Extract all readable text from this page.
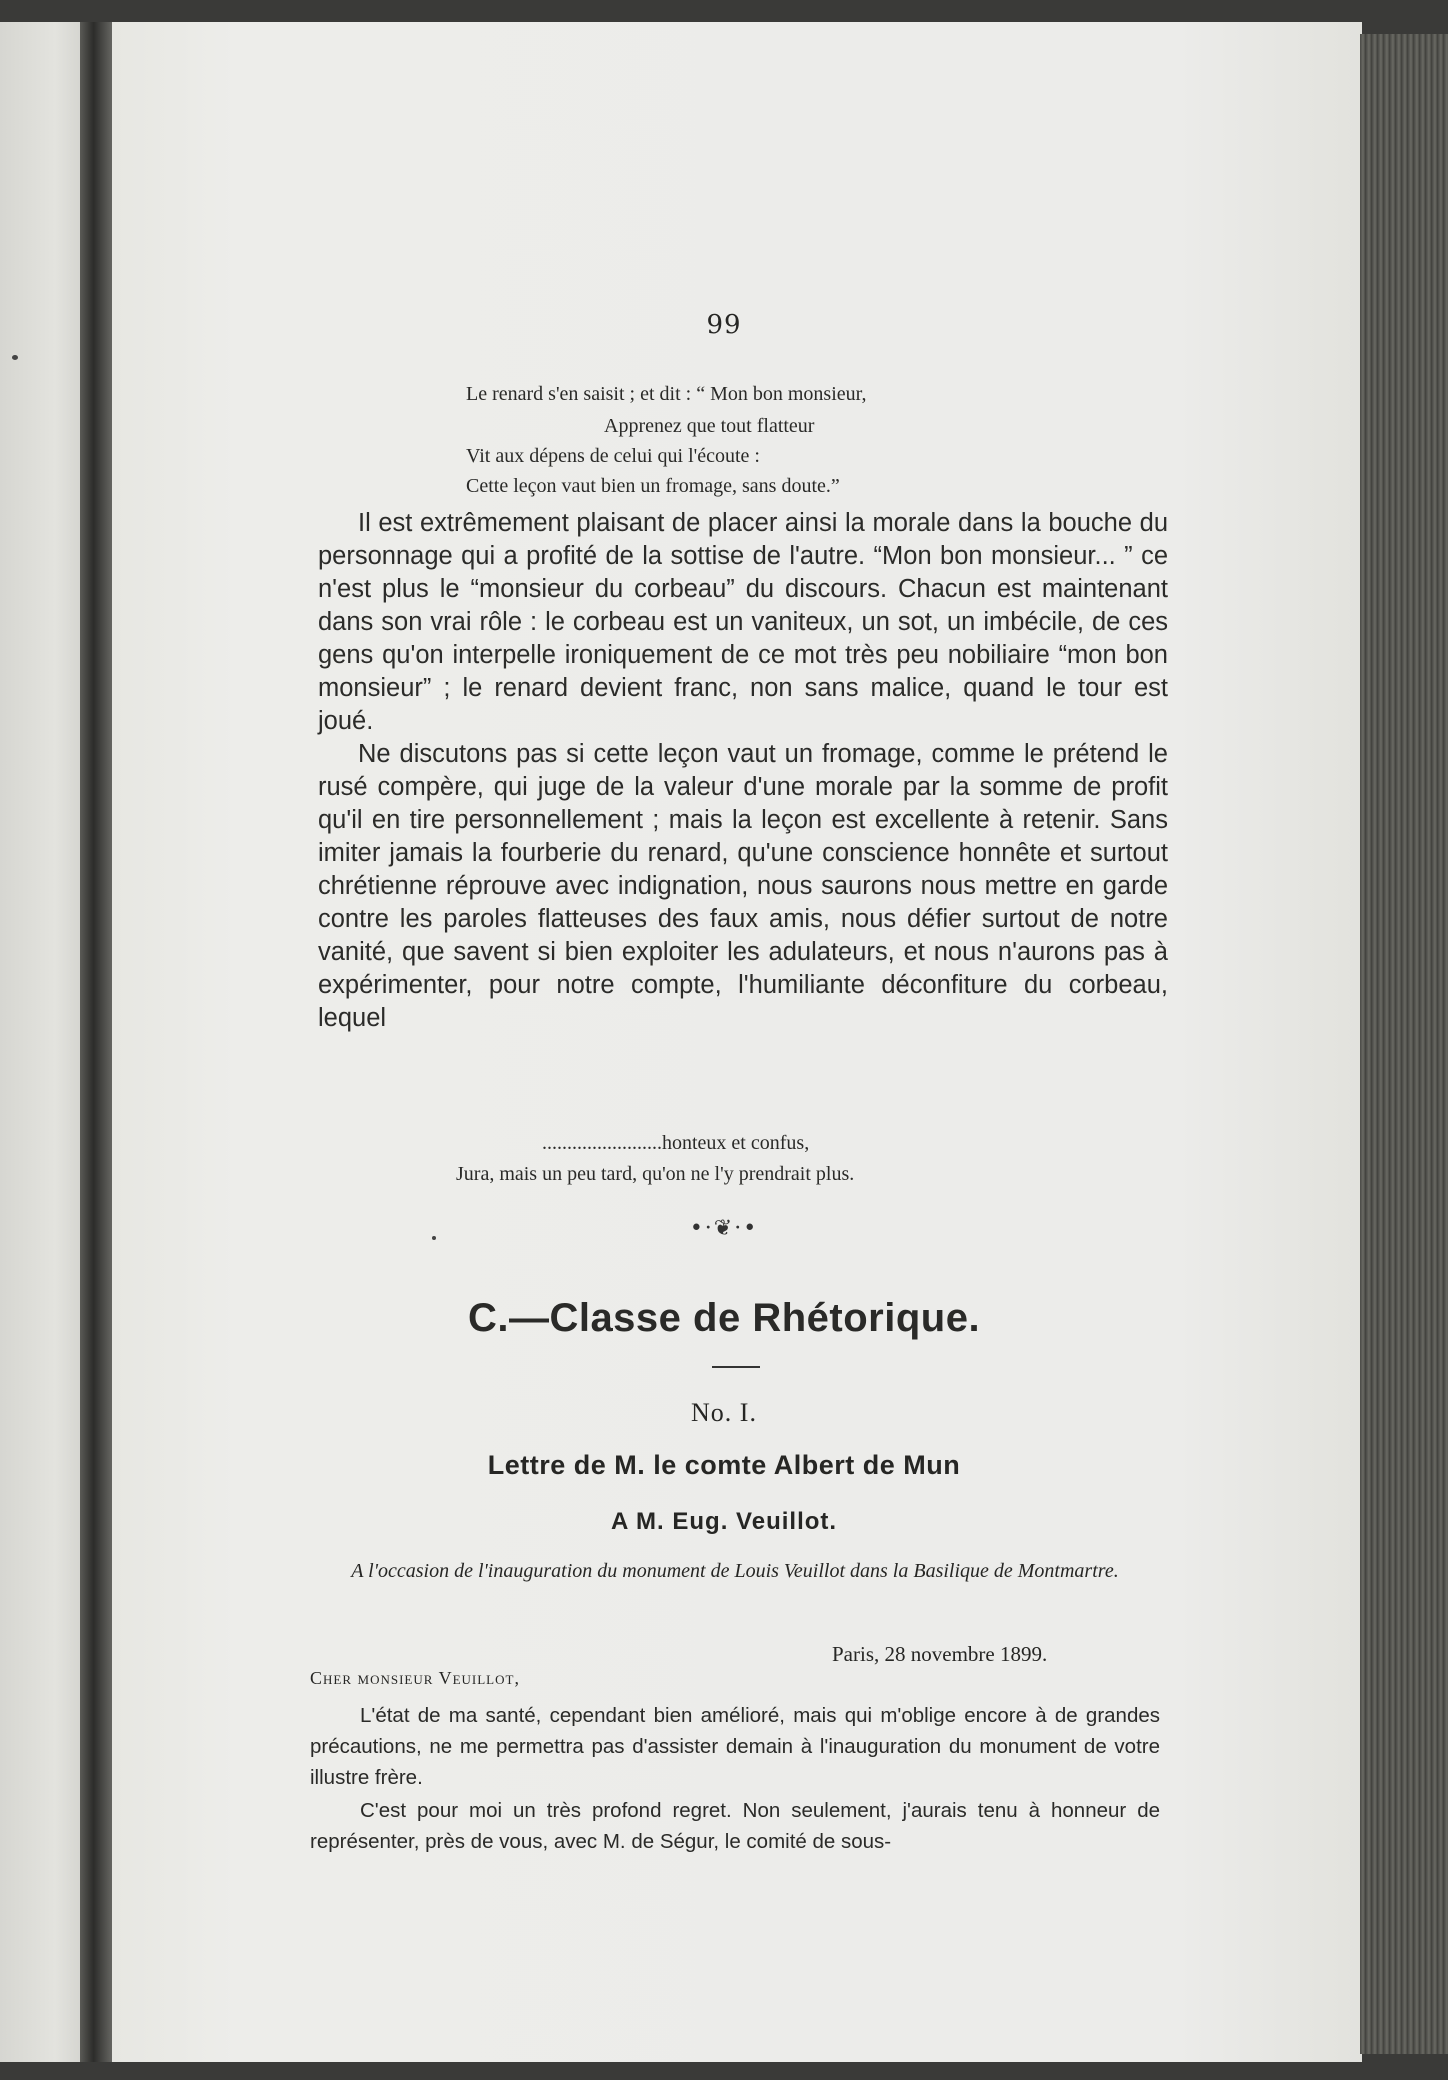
99
Le renard s'en saisit ; et dit : “ Mon bon monsieur,
Apprenez que tout flatteur
Vit aux dépens de celui qui l'écoute :
Cette leçon vaut bien un fromage, sans doute.”

Il est extrêmement plaisant de placer ainsi la morale dans la bouche du personnage qui a profité de la sottise de l'autre. “Mon bon monsieur... ” ce n'est plus le “monsieur du corbeau” du discours. Chacun est maintenant dans son vrai rôle : le corbeau est un vaniteux, un sot, un imbécile, de ces gens qu'on interpelle ironiquement de ce mot très peu nobiliaire “mon bon monsieur” ; le renard devient franc, non sans malice, quand le tour est joué.

Ne discutons pas si cette leçon vaut un fromage, comme le prétend le rusé compère, qui juge de la valeur d'une morale par la somme de profit qu'il en tire personnellement ; mais la leçon est excellente à retenir. Sans imiter jamais la fourberie du renard, qu'une conscience honnête et surtout chrétienne réprouve avec indignation, nous saurons nous mettre en garde contre les paroles flatteuses des faux amis, nous défier surtout de notre vanité, que savent si bien exploiter les adulateurs, et nous n'aurons pas à expérimenter, pour notre compte, l'humiliante déconfiture du corbeau, lequel

........................honteux et confus,
Jura, mais un peu tard, qu'on ne l'y prendrait plus.
•·❦·•
C.—Classe de Rhétorique.
No. I.
Lettre de M. le comte Albert de Mun
A M. Eug. Veuillot.
A l'occasion de l'inauguration du monument de Louis Veuillot dans la Basilique de Montmartre.
Paris, 28 novembre 1899.
Cher monsieur Veuillot,

L'état de ma santé, cependant bien amélioré, mais qui m'oblige encore à de grandes précautions, ne me permettra pas d'assister demain à l'inauguration du monument de votre illustre frère.

C'est pour moi un très profond regret. Non seulement, j'aurais tenu à honneur de représenter, près de vous, avec M. de Ségur, le comité de sous-
